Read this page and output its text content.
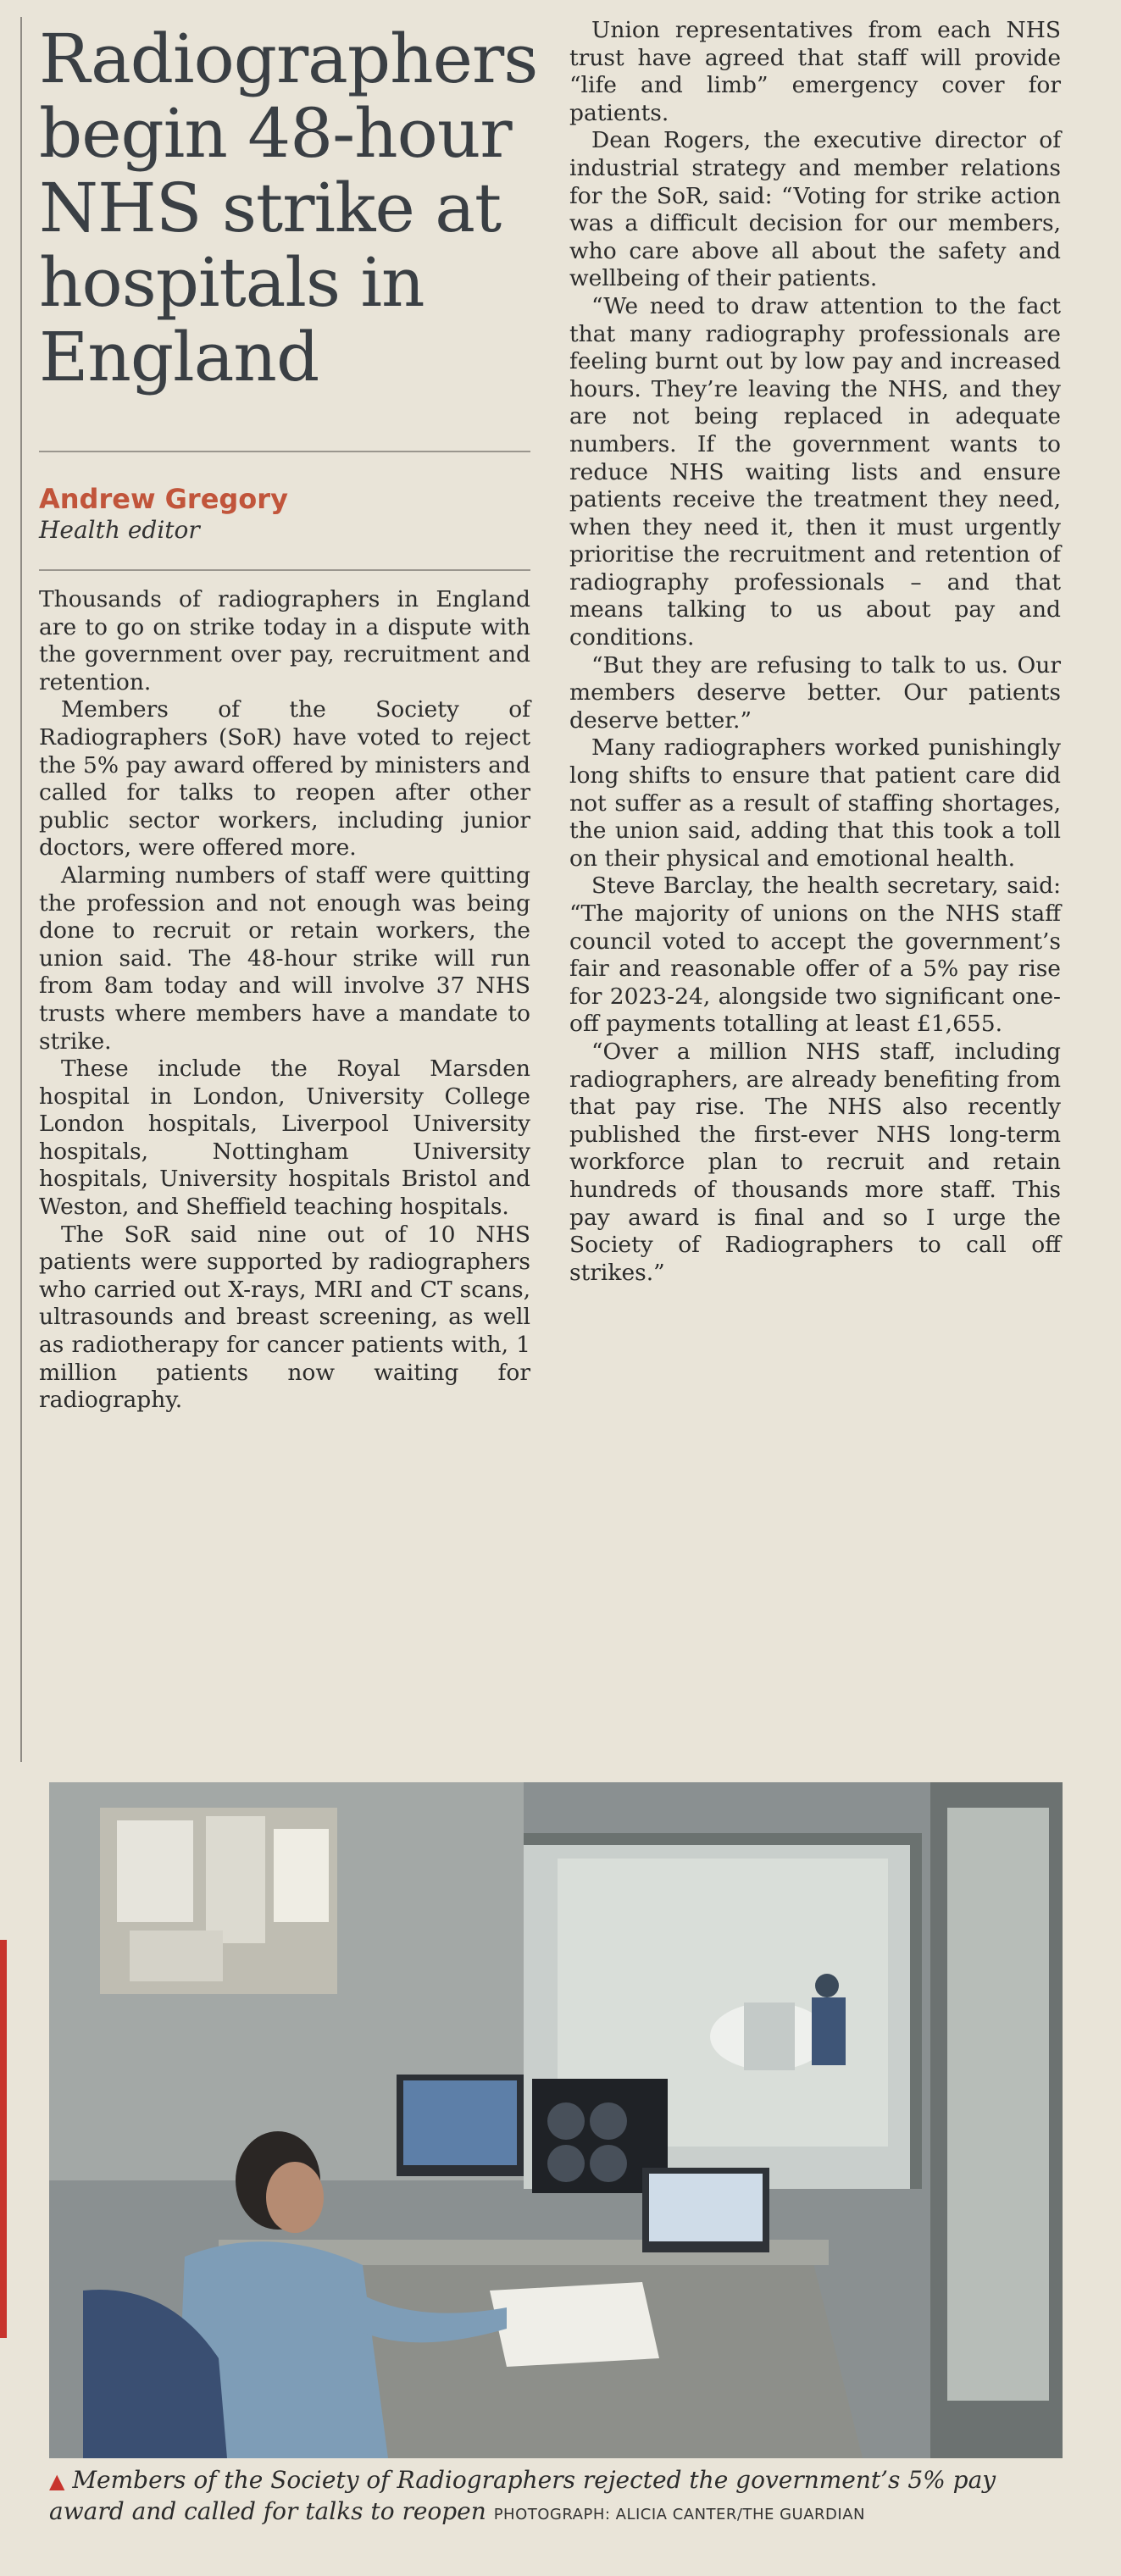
Radiographers begin 48-hour NHS strike at hospitals in England
Andrew Gregory
Health editor

Thousands of radiographers in England are to go on strike today in a dispute with the government over pay, recruitment and retention.

Members of the Society of Radiographers (SoR) have voted to reject the 5% pay award offered by ministers and called for talks to reopen after other public sector workers, including junior doctors, were offered more.

Alarming numbers of staff were quitting the profession and not enough was being done to recruit or retain workers, the union said. The 48-hour strike will run from 8am today and will involve 37 NHS trusts where members have a mandate to strike.

These include the Royal Marsden hospital in London, University College London hospitals, Liverpool University hospitals, Nottingham University hospitals, University hospitals Bristol and Weston, and Sheffield teaching hospitals.

The SoR said nine out of 10 NHS patients were supported by radiographers who carried out X-rays, MRI and CT scans, ultrasounds and breast screening, as well as radiotherapy for cancer patients with, 1 million patients now waiting for radiography.

Union representatives from each NHS trust have agreed that staff will provide “life and limb” emergency cover for patients.

Dean Rogers, the executive director of industrial strategy and member relations for the SoR, said: “Voting for strike action was a difficult decision for our members, who care above all about the safety and wellbeing of their patients.

“We need to draw attention to the fact that many radiography professionals are feeling burnt out by low pay and increased hours. They’re leaving the NHS, and they are not being replaced in adequate numbers. If the government wants to reduce NHS waiting lists and ensure patients receive the treatment they need, when they need it, then it must urgently prioritise the recruitment and retention of radiography professionals – and that means talking to us about pay and conditions.

“But they are refusing to talk to us. Our members deserve better. Our patients deserve better.”

Many radiographers worked punishingly long shifts to ensure that patient care did not suffer as a result of staffing shortages, the union said, adding that this took a toll on their physical and emotional health.

Steve Barclay, the health secretary, said: “The majority of unions on the NHS staff council voted to accept the government’s fair and reasonable offer of a 5% pay rise for 2023-24, alongside two significant one-off payments totalling at least £1,655.

“Over a million NHS staff, including radiographers, are already benefiting from that pay rise. The NHS also recently published the first-ever NHS long-term workforce plan to recruit and retain hundreds of thousands more staff. This pay award is final and so I urge the Society of Radiographers to call off strikes.”

▲ Members of the Society of Radiographers rejected the government’s 5% pay award and called for talks to reopen PHOTOGRAPH: ALICIA CANTER/THE GUARDIAN
